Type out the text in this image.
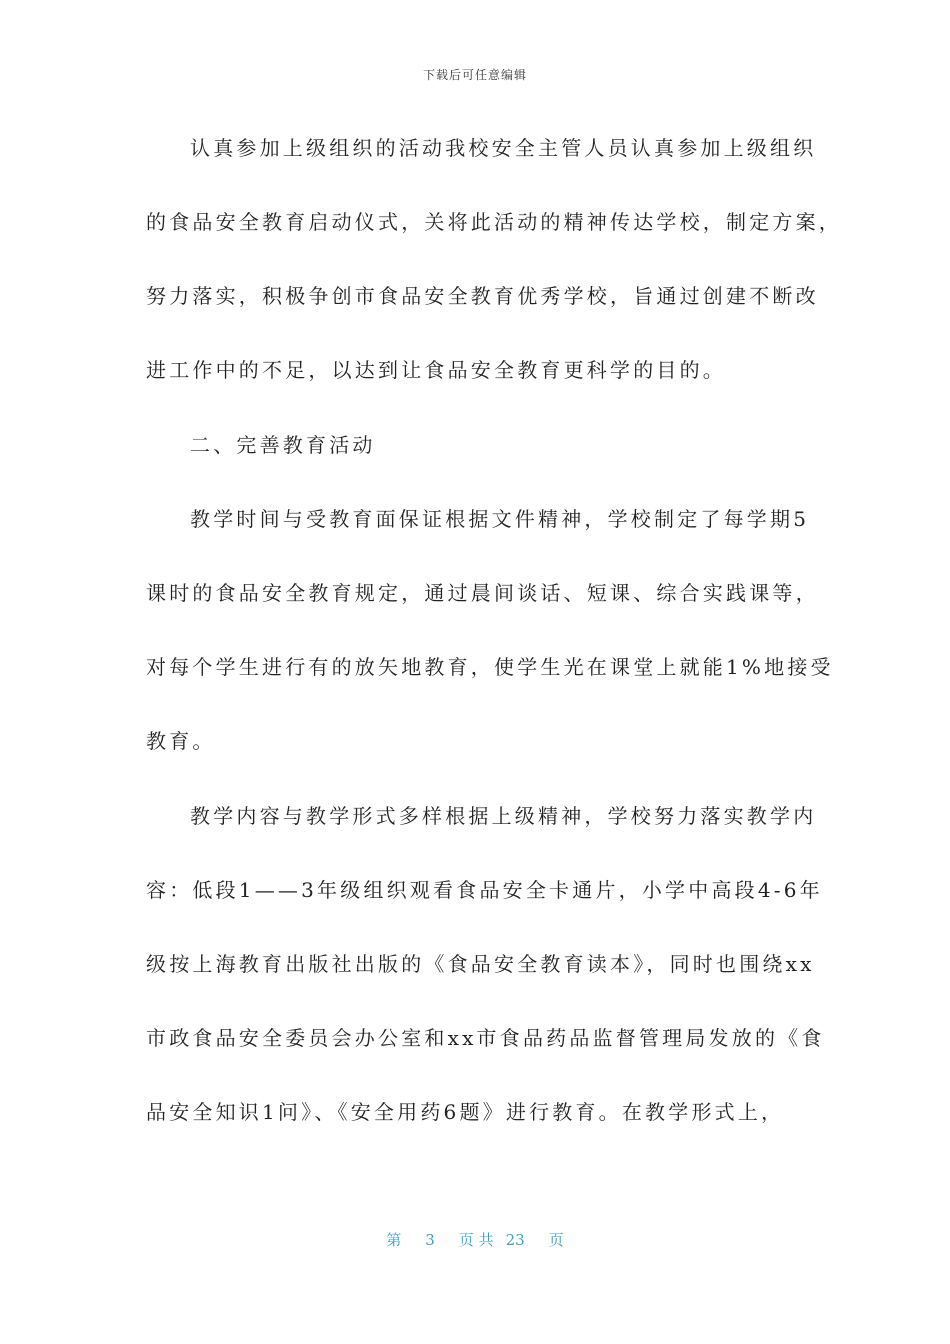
下载后可任意编辑
认真参加上级组织的活动我校安全主管人员认真参加上级组织
的食品安全教育启动仪式，关将此活动的精神传达学校，制定方案，
努力落实，积极争创市食品安全教育优秀学校，旨通过创建不断改
进工作中的不足，以达到让食品安全教育更科学的目的。
二、完善教育活动
教学时间与受教育面保证根据文件精神，学校制定了每学期5
课时的食品安全教育规定，通过晨间谈话、短课、综合实践课等，
对每个学生进行有的放矢地教育，使学生光在课堂上就能1%地接受
教育。
教学内容与教学形式多样根据上级精神，学校努力落实教学内
容：低段1——3年级组织观看食品安全卡通片，小学中高段4-6年
级按上海教育出版社出版的《食品安全教育读本》，同时也围绕xx
市政食品安全委员会办公室和xx市食品药品监督管理局发放的《食
品安全知识1问》、《安全用药6题》进行教育。在教学形式上，
第 3 页 共 23 页
